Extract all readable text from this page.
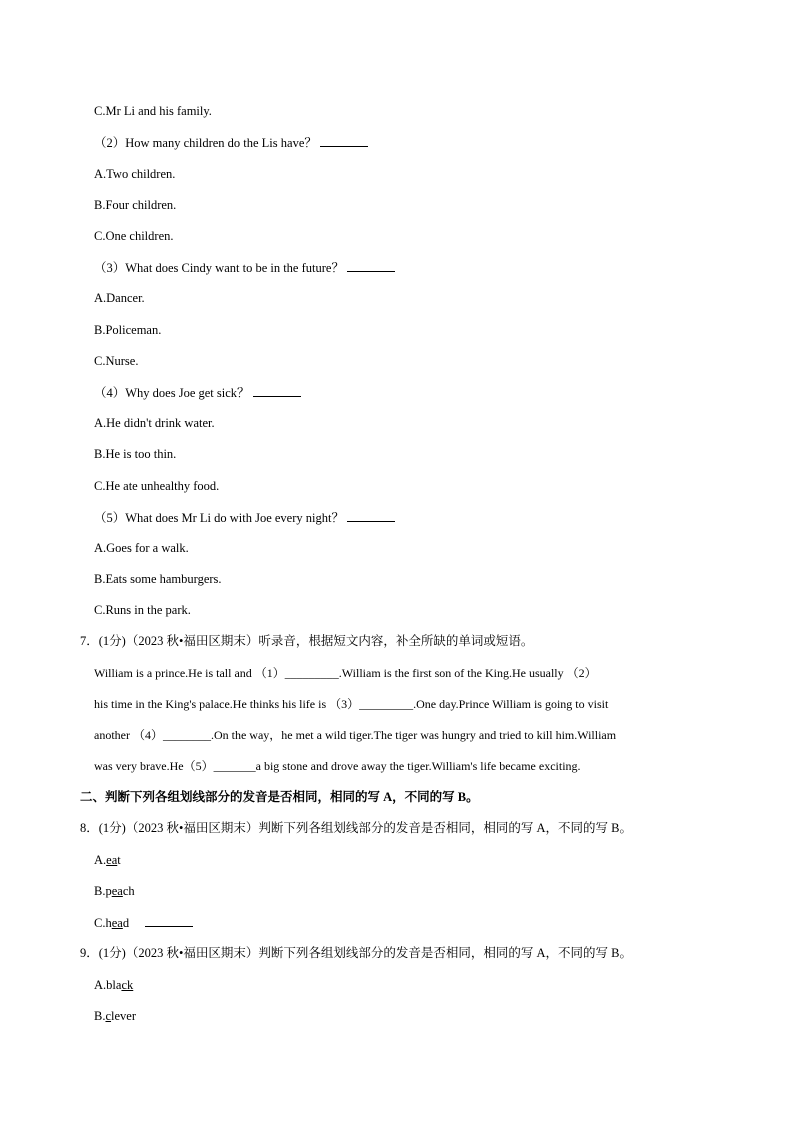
C.Mr Li and his family.
（2）How many children do the Lis have？
A.Two children.
B.Four children.
C.One children.
（3）What does Cindy want to be in the future？
A.Dancer.
B.Policeman.
C.Nurse.
（4）Why does Joe get sick？
A.He didn't drink water.
B.He is too thin.
C.He ate unhealthy food.
（5）What does Mr Li do with Joe every night？
A.Goes for a walk.
B.Eats some hamburgers.
C.Runs in the park.
7．(1分)（2023 秋•福田区期末）听录音，根据短文内容，补全所缺的单词或短语。
William is a prince.He is tall and （1）_________.William is the first son of the King.He usually （2）
his time in the King's palace.He thinks his life is （3）_________.One day.Prince William is going to visit
another （4）________.On the way，he met a wild tiger.The tiger was hungry and tried to kill him.William
was very brave.He（5）_______a big stone and drove away the tiger.William's life became exciting.
二、判断下列各组划线部分的发音是否相同，相同的写 A，不同的写 B。
8．(1分)（2023 秋•福田区期末）判断下列各组划线部分的发音是否相同，相同的写 A，不同的写 B。
A.eat
B.peach
C.head
9．(1分)（2023 秋•福田区期末）判断下列各组划线部分的发音是否相同，相同的写 A，不同的写 B。
A.black
B.clever
